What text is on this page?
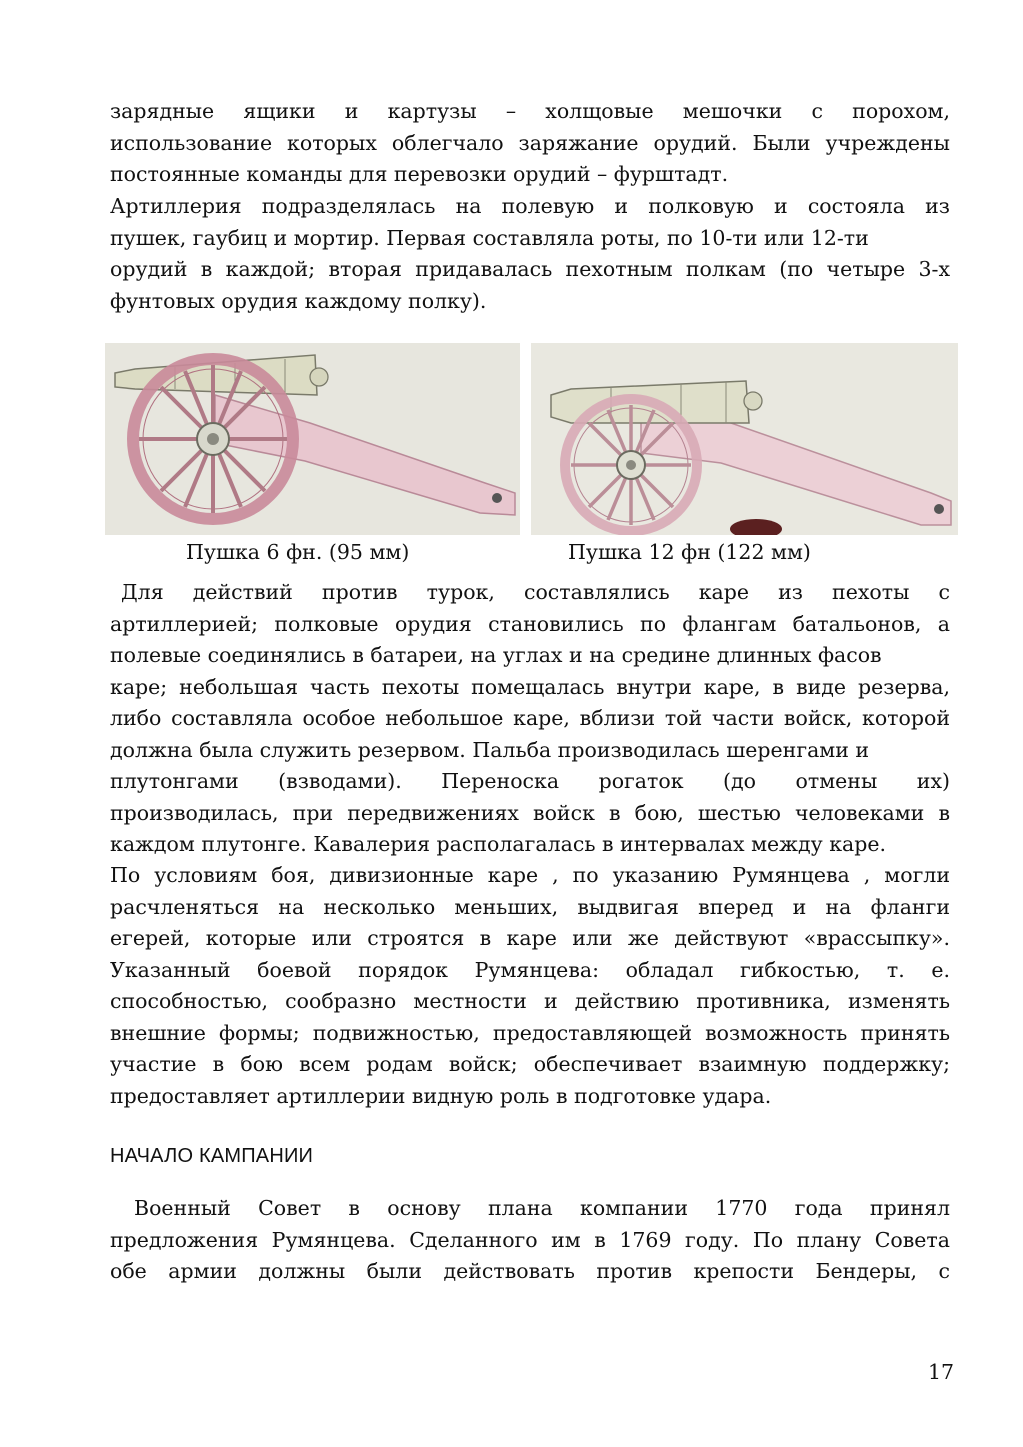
зарядные ящики и картузы – холщовые мешочки с порохом,
использование которых облегчало заряжание орудий. Были учреждены
постоянные команды для перевозки орудий – фурштадт.
Артиллерия подразделялась на полевую и полковую и состояла из
пушек, гаубиц и мортир. Первая составляла роты, по 10-ти или 12-ти
орудий в каждой; вторая придавалась пехотным полкам (по четыре 3-х
фунтовых орудия каждому полку).
Пушка 6 фн. (95 мм)	Пушка 12 фн (122 мм)
Для действий против турок, составлялись каре из пехоты с
артиллерией; полковые орудия становились по флангам батальонов, а
полевые соединялись в батареи, на углах и на средине длинных фасов
каре; небольшая часть пехоты помещалась внутри каре, в виде резерва,
либо составляла особое небольшое каре, вблизи той части войск, которой
должна была служить резервом. Пальба производилась шеренгами и
плутонгами (взводами). Переноска рогаток (до отмены их)
производилась, при передвижениях войск в бою, шестью человеками в
каждом плутонге. Кавалерия располагалась в интервалах между каре.
По условиям боя, дивизионные каре , по указанию Румянцева , могли
расчленяться на несколько меньших, выдвигая вперед и на фланги
егерей, которые или строятся в каре или же действуют «врассыпку».
Указанный боевой порядок Румянцева: обладал гибкостью, т. е.
способностью, сообразно местности и действию противника, изменять
внешние формы; подвижностью, предоставляющей возможность принять
участие в бою всем родам войск; обеспечивает взаимную поддержку;
предоставляет артиллерии видную роль в подготовке удара.
НАЧАЛО КАМПАНИИ
Военный Совет в основу плана компании 1770 года принял
предложения Румянцева. Сделанного им в 1769 году. По плану Совета
обе армии должны были действовать против крепости Бендеры, с
17
